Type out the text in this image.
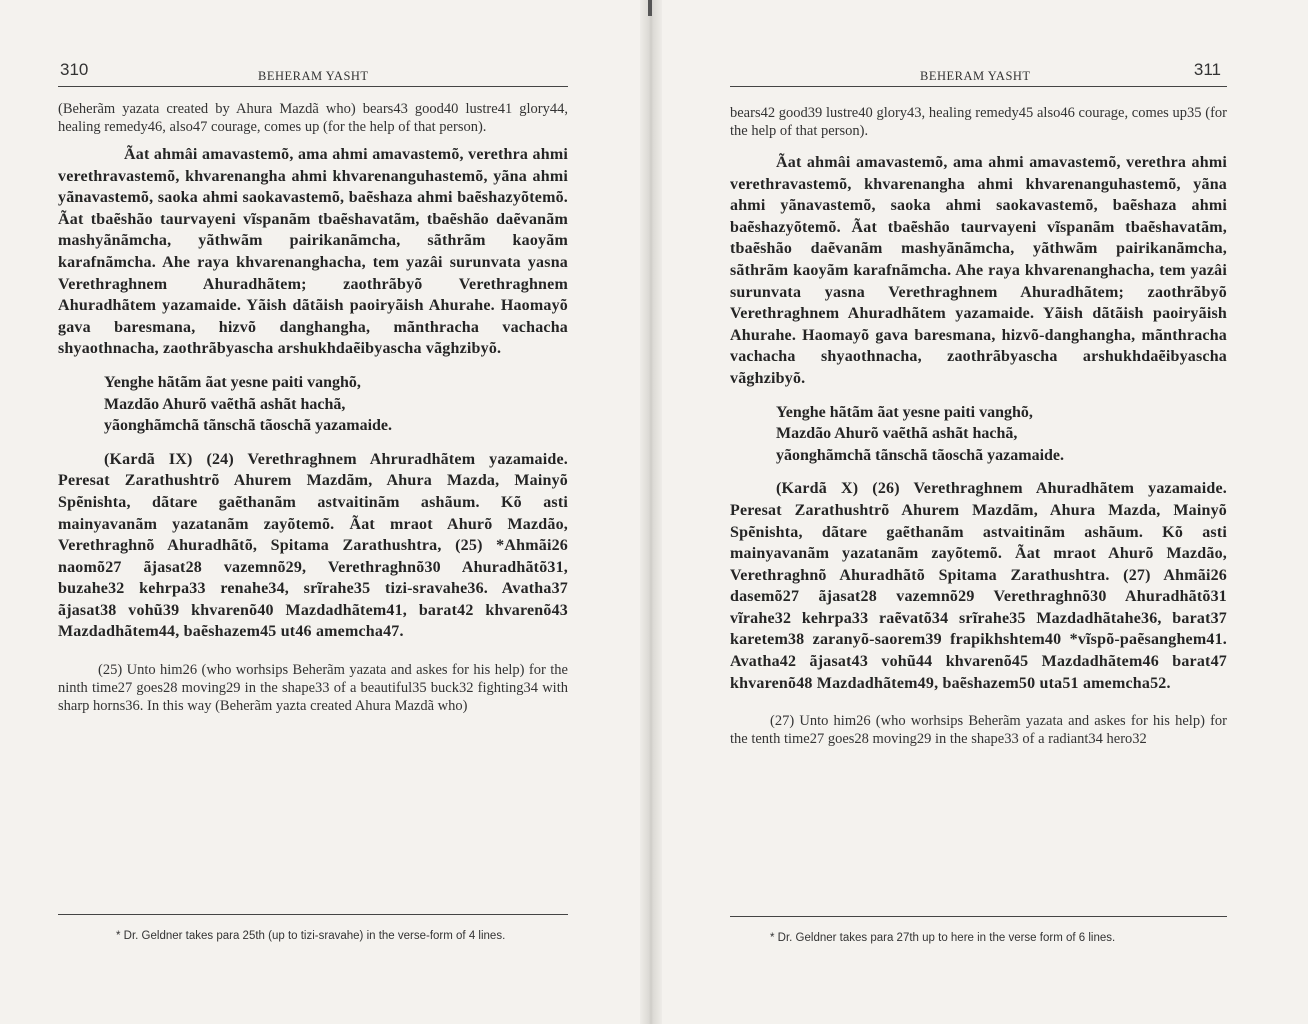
310	BEHERAM YASHT

(Beherãm yazata created by Ahura Mazdã who) bears43 good40 lustre41 glory44, healing remedy46, also47 courage, comes up (for the help of that person).

Ãat ahmâi amavastemõ, ama ahmi amavastemõ, verethra ahmi verethravastemõ, khvarenangha ahmi khvarenanguhastemõ, yãna ahmi yãnavastemõ, saoka ahmi saokavastemõ, baẽshaza ahmi baẽshazyõtemõ. Ãat tbaẽshão taurvayeni vĩspanãm tbaẽshavatãm, tbaẽshão daẽvanãm mashyãnãmcha, yãthwãm pairikanãmcha, sãthrãm kaoyãm karafnãmcha. Ahe raya khvarenanghacha, tem yazâi surunvata yasna Verethraghnem Ahuradhãtem; zaothrãbyõ Verethraghnem Ahuradhãtem yazamaide. Yãish dãtãish paoiryãish Ahurahe. Haomayõ gava baresmana, hizvõ danghangha, mãnthracha vachacha shyaothnacha, zaothrãbyascha arshukhdaẽibyascha vãghzibyõ.

Yenghe hãtãm ãat yesne paiti vanghõ,
Mazdão Ahurõ vaẽthã ashãt hachã,
yãonghãmchã tãnschã tãoschã yazamaide.

(Kardã IX) (24) Verethraghnem Ahruradhãtem yazamaide. Peresat Zarathushtrõ Ahurem Mazdãm, Ahura Mazda, Mainyõ Spẽnishta, dãtare gaẽthanãm astvaitinãm ashãum. Kõ asti mainyavanãm yazatanãm zayõtemõ. Ãat mraot Ahurõ Mazdão, Verethraghnõ Ahuradhãtõ, Spitama Zarathushtra, (25) *Ahmãi26 naomõ27 ãjasat28 vazemnõ29, Verethraghnõ30 Ahuradhãtõ31, buzahe32 kehrpa33 renahe34, srĩrahe35 tizi-sravahe36. Avatha37 ãjasat38 vohũ39 khvarenõ40 Mazdadhãtem41, barat42 khvarenõ43 Mazdadhãtem44, baẽshazem45 ut46 amemcha47.

(25) Unto him26 (who worhsips Beherãm yazata and askes for his help) for the ninth time27 goes28 moving29 in the shape33 of a beautiful35 buck32 fighting34 with sharp horns36. In this way (Beherãm yazta created Ahura Mazdã who)

* Dr. Geldner takes para 25th (up to tizi-sravahe) in the verse-form of 4 lines.

BEHERAM YASHT	311

bears42 good39 lustre40 glory43, healing remedy45 also46 courage, comes up35 (for the help of that person).

Ãat ahmâi amavastemõ, ama ahmi amavastemõ, verethra ahmi verethravastemõ, khvarenangha ahmi khvarenanguhastemõ, yãna ahmi yãnavastemõ, saoka ahmi saokavastemõ, baẽshaza ahmi baẽshazyõtemõ. Ãat tbaẽshão taurvayeni vĩspanãm tbaẽshavatãm, tbaẽshão daẽvanãm mashyãnãmcha, yãthwãm pairikanãmcha, sãthrãm kaoyãm karafnãmcha. Ahe raya khvarenanghacha, tem yazâi surunvata yasna Verethraghnem Ahuradhãtem; zaothrãbyõ Verethraghnem Ahuradhãtem yazamaide. Yãish dãtãish paoiryãish Ahurahe. Haomayõ gava baresmana, hizvõ-danghangha, mãnthracha vachacha shyaothnacha, zaothrãbyascha arshukhdaẽibyascha vãghzibyõ.

Yenghe hãtãm ãat yesne paiti vanghõ,
Mazdão Ahurõ vaẽthã ashãt hachã,
yãonghãmchã tãnschã tãoschã yazamaide.

(Kardã X) (26) Verethraghnem Ahuradhãtem yazamaide. Peresat Zarathushtrõ Ahurem Mazdãm, Ahura Mazda, Mainyõ Spẽnishta, dãtare gaẽthanãm astvaitinãm ashãum. Kõ asti mainyavanãm yazatanãm zayõtemõ. Ãat mraot Ahurõ Mazdão, Verethraghnõ Ahuradhãtõ Spitama Zarathushtra. (27) Ahmãi26 dasemõ27 ãjasat28 vazemnõ29 Verethraghnõ30 Ahuradhãtõ31 vĩrahe32 kehrpa33 raẽvatõ34 srĩrahe35 Mazdadhãtahe36, barat37 karetem38 zaranyõ-saorem39 frapikhshtem40 *vĩspõ-paẽsanghem41. Avatha42 ãjasat43 vohũ44 khvarenõ45 Mazdadhãtem46 barat47 khvarenõ48 Mazdadhãtem49, baẽshazem50 uta51 amemcha52.

(27) Unto him26 (who worhsips Beherãm yazata and askes for his help) for the tenth time27 goes28 moving29 in the shape33 of a radiant34 hero32

* Dr. Geldner takes para 27th up to here in the verse form of 6 lines.
